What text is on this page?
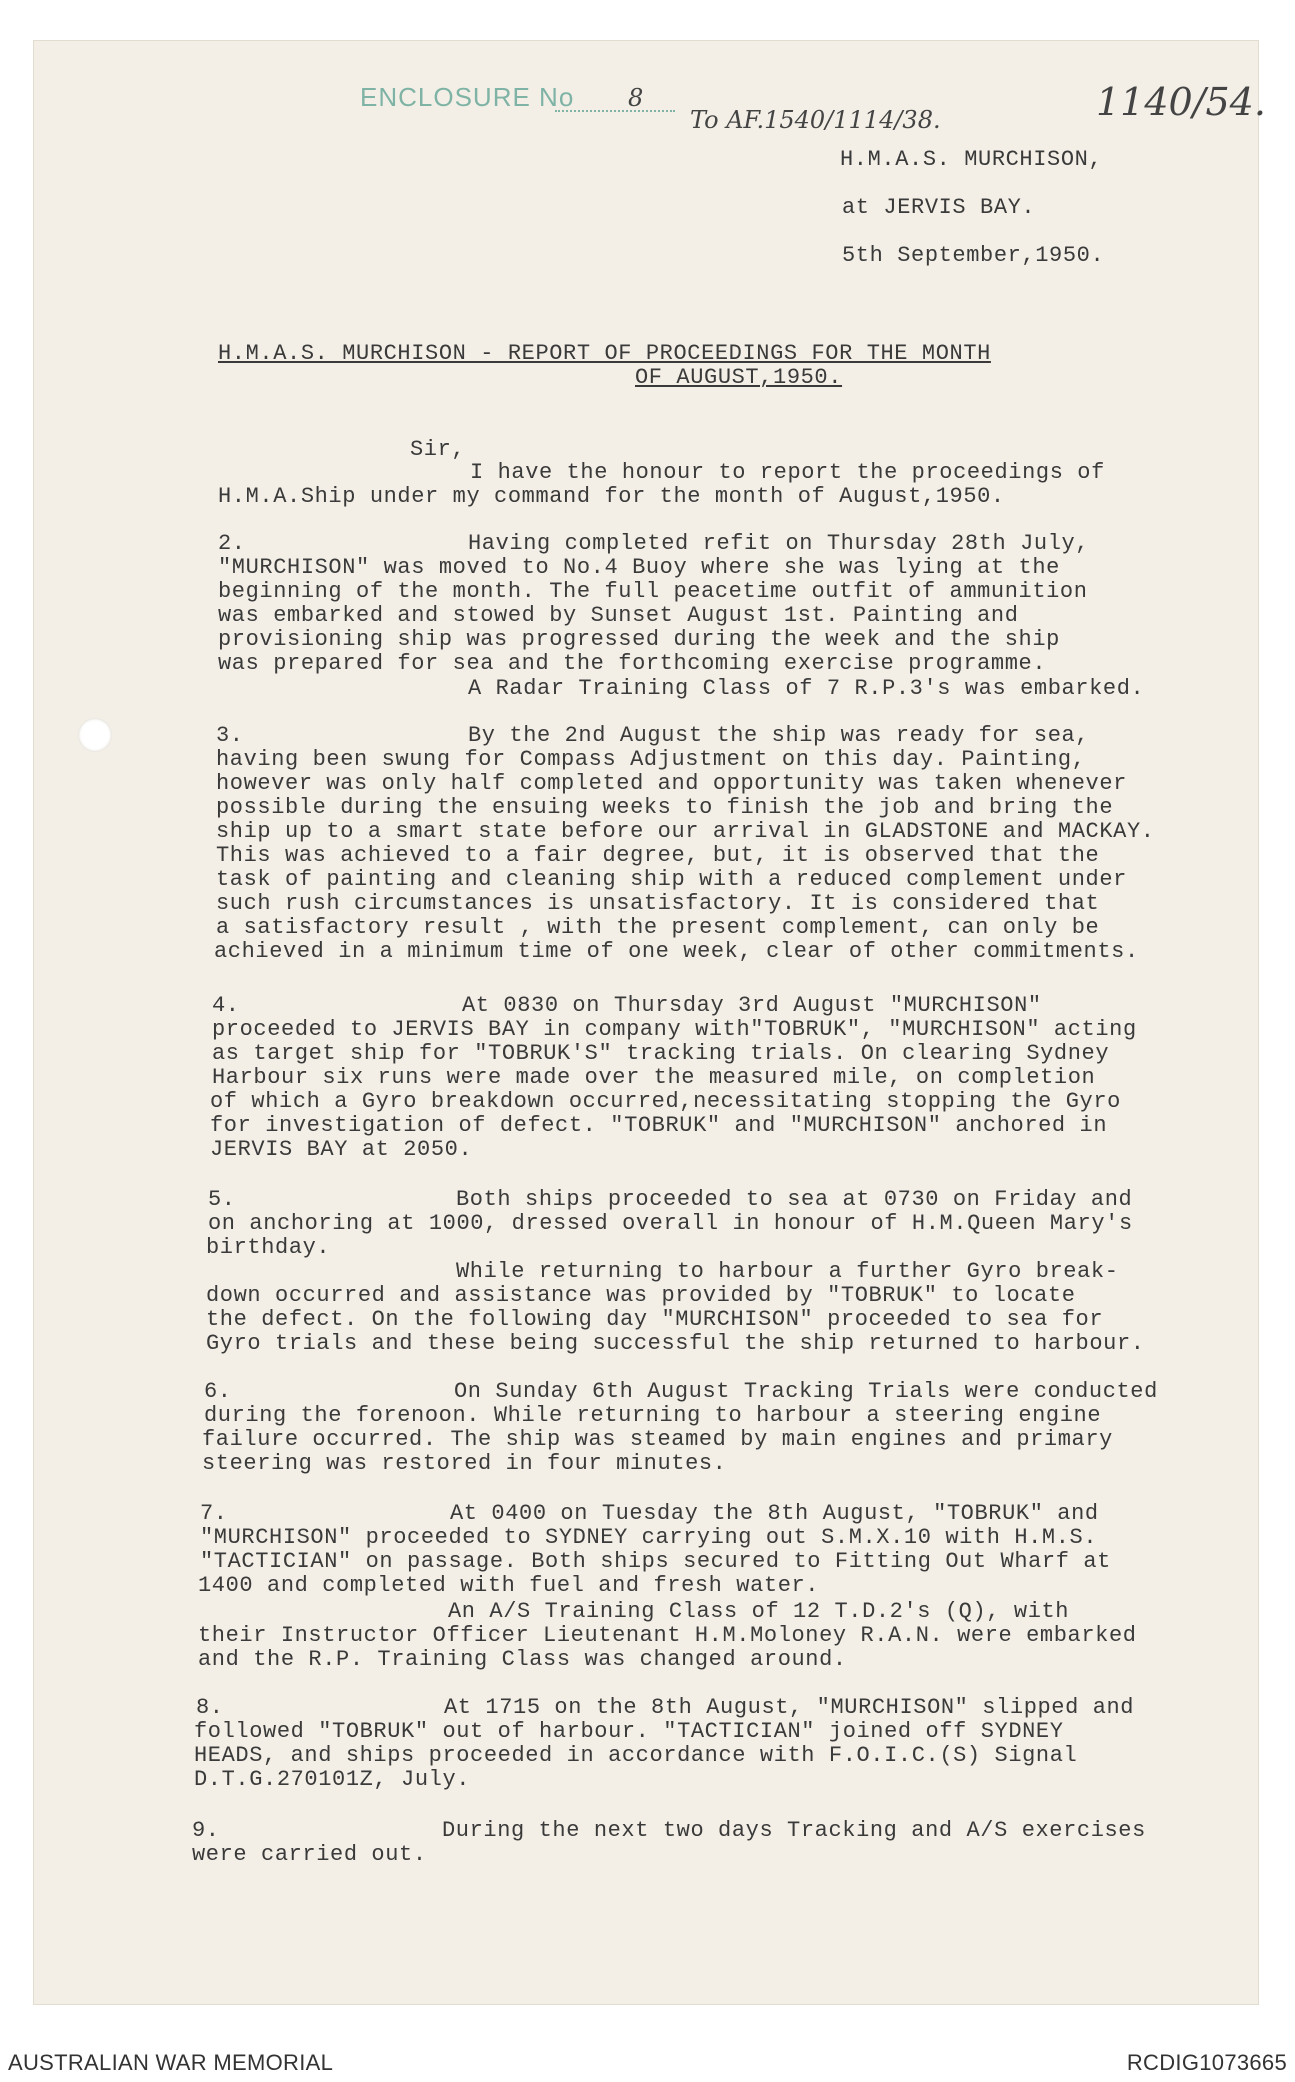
ENCLOSURE No 8
To AF.1540/1114/38.	1140/54.
H.M.A.S. MURCHISON,
at JERVIS BAY.
5th September,1950.
H.M.A.S. MURCHISON - REPORT OF PROCEEDINGS FOR THE MONTH
OF AUGUST,1950.
Sir,
I have the honour to report the proceedings of
H.M.A.Ship under my command for the month of August,1950.
2.	Having completed refit on Thursday 28th July,
"MURCHISON" was moved to No.4 Buoy where she was lying at the
beginning of the month. The full peacetime outfit of ammunition
was embarked and stowed by Sunset August 1st. Painting and
provisioning ship was progressed during the week and the ship
was prepared for sea and the forthcoming exercise programme.
A Radar Training Class of 7 R.P.3's was embarked.
3.	By the 2nd August the ship was ready for sea,
having been swung for Compass Adjustment on this day. Painting,
however was only half completed and opportunity was taken whenever
possible during the ensuing weeks to finish the job and bring the
ship up to a smart state before our arrival in GLADSTONE and MACKAY.
This was achieved to a fair degree, but, it is observed that the
task of painting and cleaning ship with a reduced complement under
such rush circumstances is unsatisfactory. It is considered that
a satisfactory result , with the present complement, can only be
achieved in a minimum time of one week, clear of other commitments.
4.	At 0830 on Thursday 3rd August "MURCHISON"
proceeded to JERVIS BAY in company with"TOBRUK", "MURCHISON" acting
as target ship for "TOBRUK'S" tracking trials. On clearing Sydney
Harbour six runs were made over the measured mile, on completion
of which a Gyro breakdown occurred,necessitating stopping the Gyro
for investigation of defect. "TOBRUK" and "MURCHISON" anchored in
JERVIS BAY at 2050.
5.	Both ships proceeded to sea at 0730 on Friday and
on anchoring at 1000, dressed overall in honour of H.M.Queen Mary's
birthday.
While returning to harbour a further Gyro break-
down occurred and assistance was provided by "TOBRUK" to locate
the defect. On the following day "MURCHISON" proceeded to sea for
Gyro trials and these being successful the ship returned to harbour.
6.	On Sunday 6th August Tracking Trials were conducted
during the forenoon. While returning to harbour a steering engine
failure occurred. The ship was steamed by main engines and primary
steering was restored in four minutes.
7.	At 0400 on Tuesday the 8th August, "TOBRUK" and
"MURCHISON" proceeded to SYDNEY carrying out S.M.X.10 with H.M.S.
"TACTICIAN" on passage. Both ships secured to Fitting Out Wharf at
1400 and completed with fuel and fresh water.
An A/S Training Class of 12 T.D.2's (Q), with
their Instructor Officer Lieutenant H.M.Moloney R.A.N. were embarked
and the R.P. Training Class was changed around.
8.	At 1715 on the 8th August, "MURCHISON" slipped and
followed "TOBRUK" out of harbour. "TACTICIAN" joined off SYDNEY
HEADS, and ships proceeded in accordance with F.O.I.C.(S) Signal
D.T.G.270101Z, July.
9.	During the next two days Tracking and A/S exercises
were carried out.
AUSTRALIAN WAR MEMORIAL	RCDIG1073665
